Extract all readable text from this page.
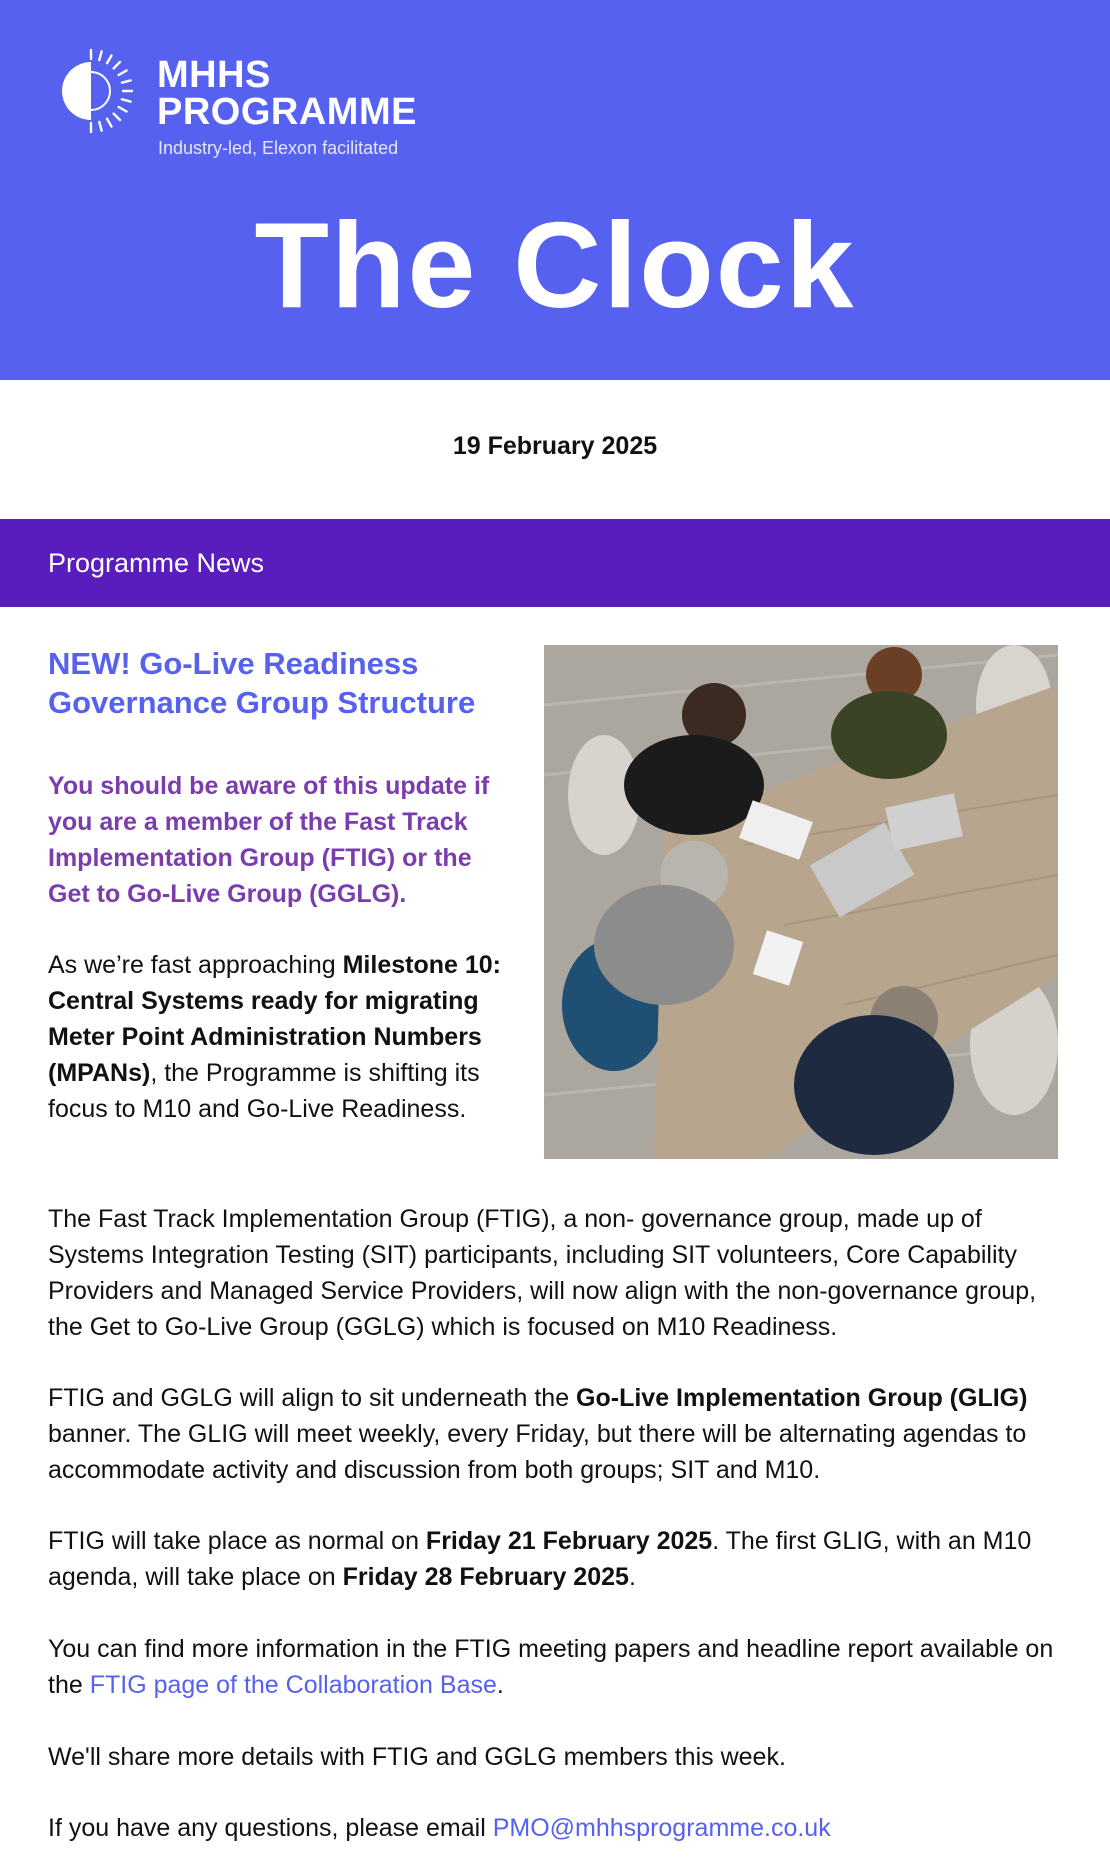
MHHS
PROGRAMME
Industry-led, Elexon facilitated
The Clock
19 February 2025
Programme News
NEW! Go-Live Readiness Governance Group Structure
You should be aware of this update if you are a member of the Fast Track Implementation Group (FTIG) or the Get to Go-Live Group (GGLG).
As we’re fast approaching Milestone 10: Central Systems ready for migrating Meter Point Administration Numbers (MPANs), the Programme is shifting its focus to M10 and Go-Live Readiness.
The Fast Track Implementation Group (FTIG), a non- governance group, made up of Systems Integration Testing (SIT) participants, including SIT volunteers, Core Capability Providers and Managed Service Providers, will now align with the non-governance group, the Get to Go-Live Group (GGLG) which is focused on M10 Readiness.
FTIG and GGLG will align to sit underneath the Go-Live Implementation Group (GLIG) banner. The GLIG will meet weekly, every Friday, but there will be alternating agendas to accommodate activity and discussion from both groups; SIT and M10.
FTIG will take place as normal on Friday 21 February 2025. The first GLIG, with an M10 agenda, will take place on Friday 28 February 2025.
You can find more information in the FTIG meeting papers and headline report available on the FTIG page of the Collaboration Base.
We'll share more details with FTIG and GGLG members this week.
If you have any questions, please email PMO@mhhsprogramme.co.uk
